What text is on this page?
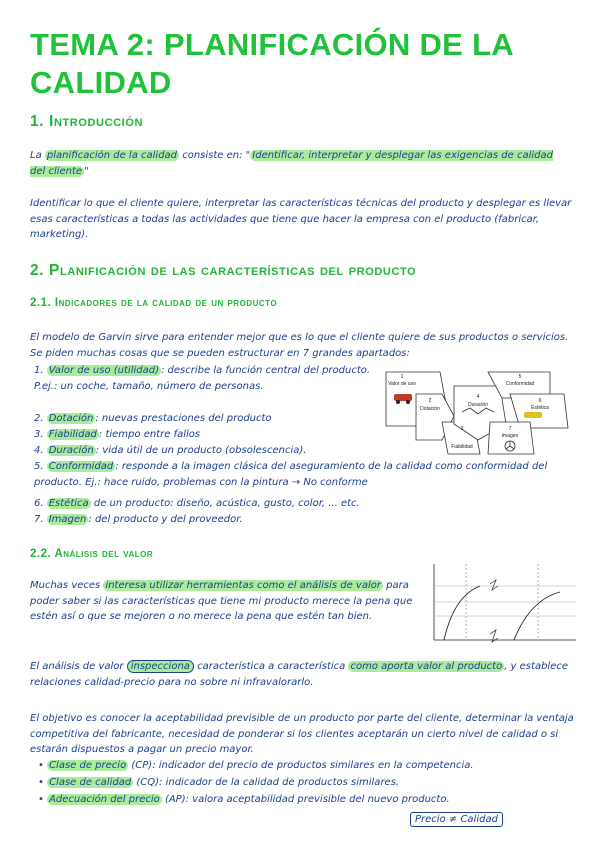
TEMA 2: PLANIFICACIÓN DE LA CALIDAD
1. Introducción
La planificación de la calidad consiste en: " Identificar, interpretar y desplegar las exigencias de calidad del cliente "
Identificar lo que el cliente quiere, interpretar las características técnicas del producto y desplegar es llevar esas características a todas las actividades que tiene que hacer la empresa con el producto (fabricar, marketing).
2. Planificación de las características del producto
2.1. Indicadores de la calidad de un producto
El modelo de Garvin sirve para entender mejor que es lo que el cliente quiere de sus productos o servicios. Se piden muchas cosas que se pueden estructurar en 7 grandes apartados:
1. Valor de uso (utilidad) : describe la función central del producto. P.ej.: un coche, tamaño, número de personas.
2. Dotación : nuevas prestaciones del producto
3. Fiabilidad : tiempo entre fallos
4. Duración : vida útil de un producto (obsolescencia).
5. Conformidad : responde a la imagen clásica del aseguramiento de la calidad como conformidad del producto. Ej.: hace ruido, problemas con la pintura → No conforme
6. Estética de un producto: diseño, acústica, gusto, color, ... etc.
7. Imagen : del producto y del proveedor.
1
Valor de uso
2
Dotación
3
Fiabilidad
4
Duración
5
Conformidad
6
Estética
7
Imagen
2.2. Análisis del valor
Muchas veces interesa utilizar herramientas como el análisis de valor para poder saber si las características que tiene mi producto merece la pena que estén así o que se mejoren o no merece la pena que estén tan bien.
El análisis de valor inspecciona característica a característica como aporta valor al producto , y establece relaciones calidad-precio para no sobre ni infravalorarlo.
El objetivo es conocer la aceptabilidad previsible de un producto por parte del cliente, determinar la ventaja competitiva del fabricante, necesidad de ponderar si los clientes aceptarán un cierto nivel de calidad o si estarán dispuestos a pagar un precio mayor.
• Clase de precio (CP): indicador del precio de productos similares en la competencia.
• Clase de calidad (CQ): indicador de la calidad de productos similares.
• Adecuación del precio (AP): valora aceptabilidad previsible del nuevo producto.
Precio ≠ Calidad
